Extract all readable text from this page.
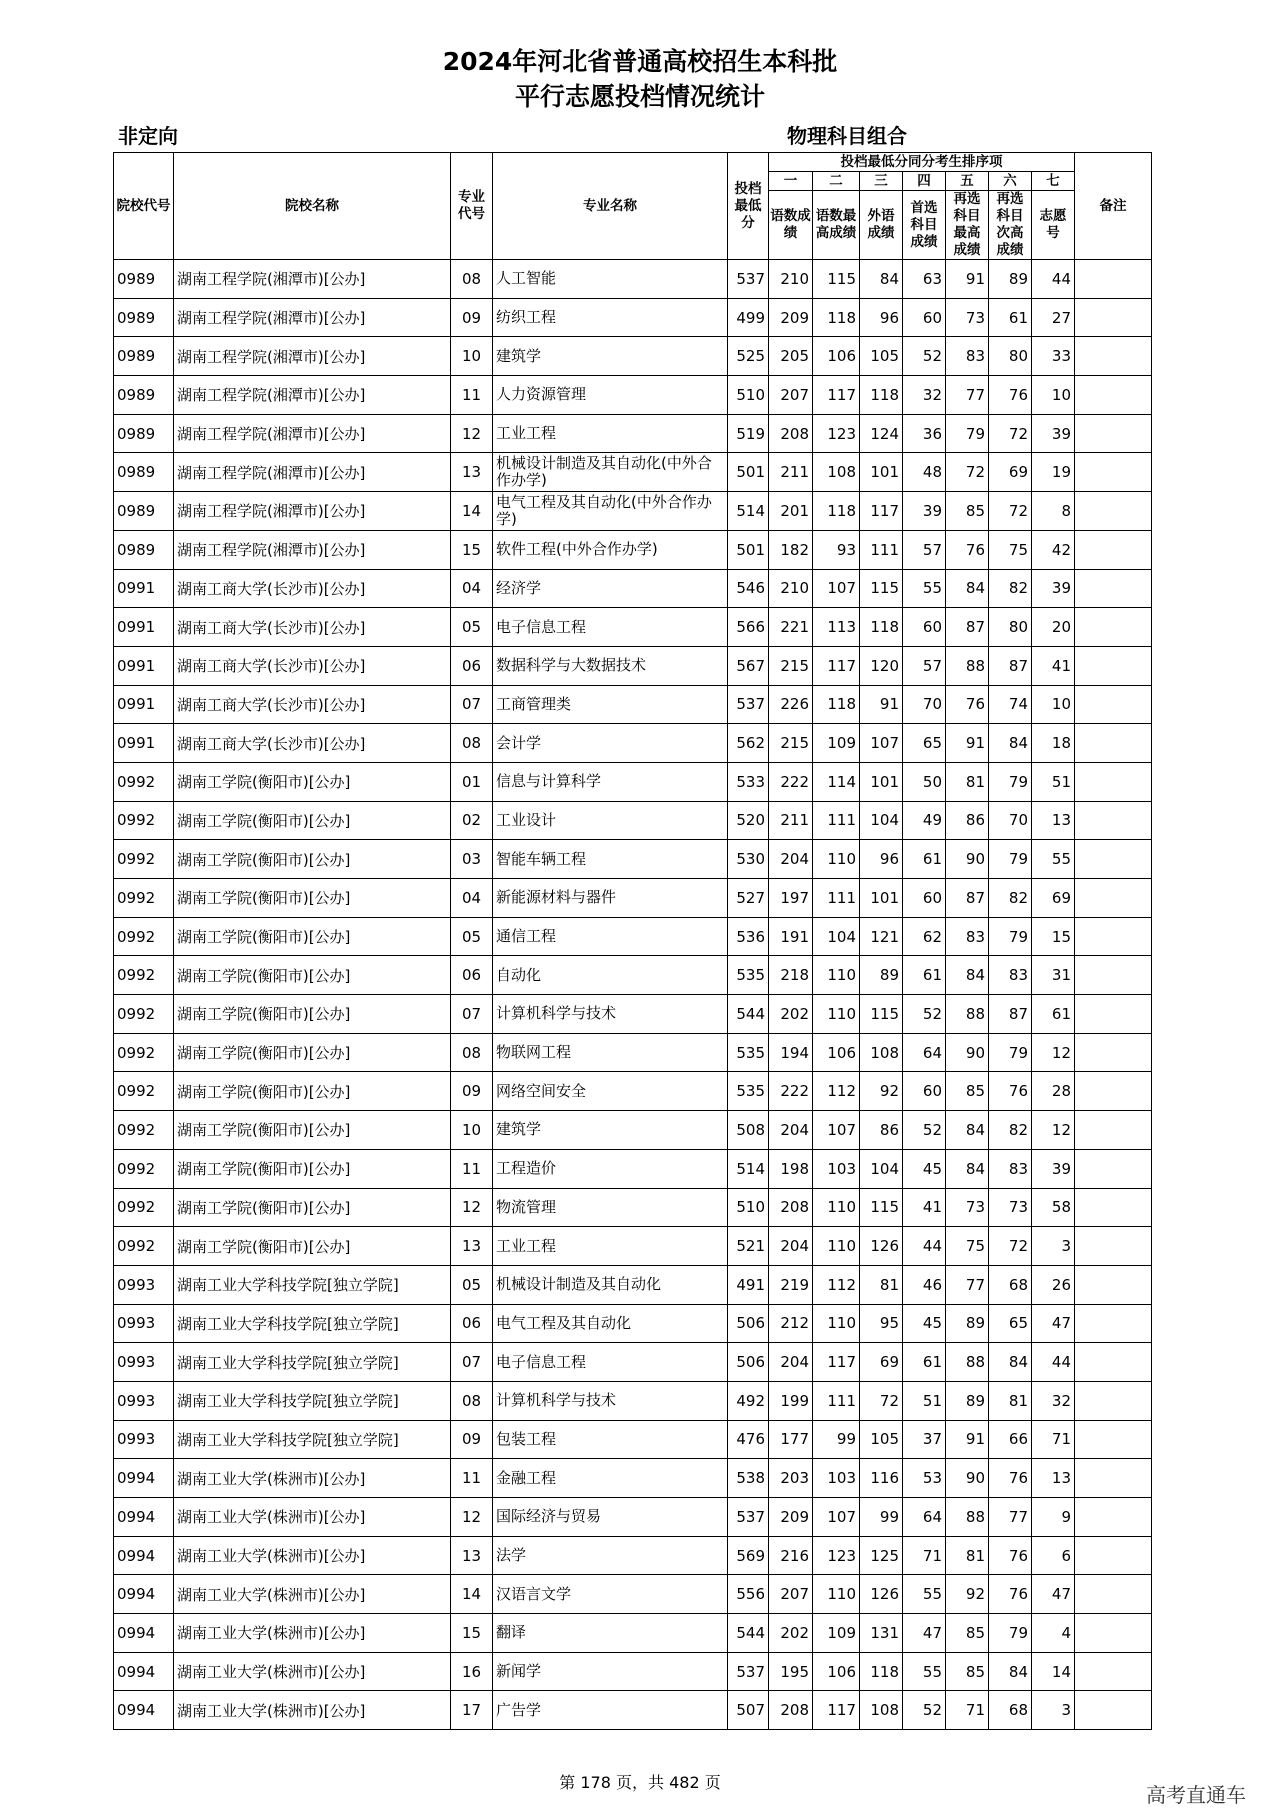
2024年河北省普通高校招生本科批
平行志愿投档情况统计
非定向	物理科目组合
院校代号	院校名称	专业代号	专业名称	投档最低分	投档最低分同分考生排序项							备注
					一	二	三	四	五	六	七	
					语数成绩	语数最高成绩	外语成绩	首选科目成绩	再选科目最高成绩	再选科目次高成绩	志愿号	
0989	湖南工程学院(湘潭市)[公办]	08	人工智能	537	210	115	84	63	91	89	44	
0989	湖南工程学院(湘潭市)[公办]	09	纺织工程	499	209	118	96	60	73	61	27	
0989	湖南工程学院(湘潭市)[公办]	10	建筑学	525	205	106	105	52	83	80	33	
0989	湖南工程学院(湘潭市)[公办]	11	人力资源管理	510	207	117	118	32	77	76	10	
0989	湖南工程学院(湘潭市)[公办]	12	工业工程	519	208	123	124	36	79	72	39	
0989	湖南工程学院(湘潭市)[公办]	13	机械设计制造及其自动化(中外合作办学)	501	211	108	101	48	72	69	19	
0989	湖南工程学院(湘潭市)[公办]	14	电气工程及其自动化(中外合作办学)	514	201	118	117	39	85	72	8	
0989	湖南工程学院(湘潭市)[公办]	15	软件工程(中外合作办学)	501	182	93	111	57	76	75	42	
0991	湖南工商大学(长沙市)[公办]	04	经济学	546	210	107	115	55	84	82	39	
0991	湖南工商大学(长沙市)[公办]	05	电子信息工程	566	221	113	118	60	87	80	20	
0991	湖南工商大学(长沙市)[公办]	06	数据科学与大数据技术	567	215	117	120	57	88	87	41	
0991	湖南工商大学(长沙市)[公办]	07	工商管理类	537	226	118	91	70	76	74	10	
0991	湖南工商大学(长沙市)[公办]	08	会计学	562	215	109	107	65	91	84	18	
0992	湖南工学院(衡阳市)[公办]	01	信息与计算科学	533	222	114	101	50	81	79	51	
0992	湖南工学院(衡阳市)[公办]	02	工业设计	520	211	111	104	49	86	70	13	
0992	湖南工学院(衡阳市)[公办]	03	智能车辆工程	530	204	110	96	61	90	79	55	
0992	湖南工学院(衡阳市)[公办]	04	新能源材料与器件	527	197	111	101	60	87	82	69	
0992	湖南工学院(衡阳市)[公办]	05	通信工程	536	191	104	121	62	83	79	15	
0992	湖南工学院(衡阳市)[公办]	06	自动化	535	218	110	89	61	84	83	31	
0992	湖南工学院(衡阳市)[公办]	07	计算机科学与技术	544	202	110	115	52	88	87	61	
0992	湖南工学院(衡阳市)[公办]	08	物联网工程	535	194	106	108	64	90	79	12	
0992	湖南工学院(衡阳市)[公办]	09	网络空间安全	535	222	112	92	60	85	76	28	
0992	湖南工学院(衡阳市)[公办]	10	建筑学	508	204	107	86	52	84	82	12	
0992	湖南工学院(衡阳市)[公办]	11	工程造价	514	198	103	104	45	84	83	39	
0992	湖南工学院(衡阳市)[公办]	12	物流管理	510	208	110	115	41	73	73	58	
0992	湖南工学院(衡阳市)[公办]	13	工业工程	521	204	110	126	44	75	72	3	
0993	湖南工业大学科技学院[独立学院]	05	机械设计制造及其自动化	491	219	112	81	46	77	68	26	
0993	湖南工业大学科技学院[独立学院]	06	电气工程及其自动化	506	212	110	95	45	89	65	47	
0993	湖南工业大学科技学院[独立学院]	07	电子信息工程	506	204	117	69	61	88	84	44	
0993	湖南工业大学科技学院[独立学院]	08	计算机科学与技术	492	199	111	72	51	89	81	32	
0993	湖南工业大学科技学院[独立学院]	09	包装工程	476	177	99	105	37	91	66	71	
0994	湖南工业大学(株洲市)[公办]	11	金融工程	538	203	103	116	53	90	76	13	
0994	湖南工业大学(株洲市)[公办]	12	国际经济与贸易	537	209	107	99	64	88	77	9	
0994	湖南工业大学(株洲市)[公办]	13	法学	569	216	123	125	71	81	76	6	
0994	湖南工业大学(株洲市)[公办]	14	汉语言文学	556	207	110	126	55	92	76	47	
0994	湖南工业大学(株洲市)[公办]	15	翻译	544	202	109	131	47	85	79	4	
0994	湖南工业大学(株洲市)[公办]	16	新闻学	537	195	106	118	55	85	84	14	
0994	湖南工业大学(株洲市)[公办]	17	广告学	507	208	117	108	52	71	68	3	
第 178 页，共 482 页
高考直通车
